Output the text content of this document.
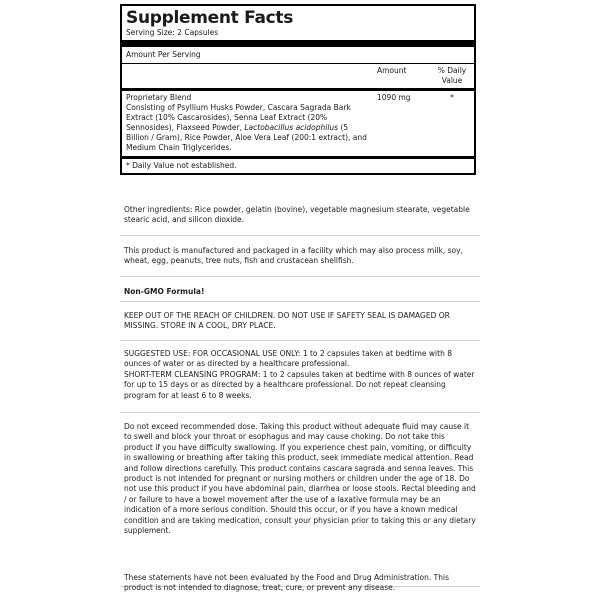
Supplement Facts
Serving Size: 2 Capsules
Amount Per Serving
Amount	% Daily Value
Proprietary Blend
Consisting of Psyllium Husks Powder, Cascara Sagrada Bark Extract (10% Cascarosides), Senna Leaf Extract (20% Sennosides), Flaxseed Powder, Lactobacillus acidophilus (5 Billion / Gram), Rice Powder, Aloe Vera Leaf (200:1 extract), and Medium Chain Triglycerides.
1090 mg	*
* Daily Value not established.
Other ingredients: Rice powder, gelatin (bovine), vegetable magnesium stearate, vegetable stearic acid, and silicon dioxide.
This product is manufactured and packaged in a facility which may also process milk, soy, wheat, egg, peanuts, tree nuts, fish and crustacean shellfish.
Non-GMO Formula!
KEEP OUT OF THE REACH OF CHILDREN. DO NOT USE IF SAFETY SEAL IS DAMAGED OR MISSING. STORE IN A COOL, DRY PLACE.
SUGGESTED USE: FOR OCCASIONAL USE ONLY: 1 to 2 capsules taken at bedtime with 8 ounces of water or as directed by a healthcare professional.
SHORT-TERM CLEANSING PROGRAM: 1 to 2 capsules taken at bedtime with 8 ounces of water for up to 15 days or as directed by a healthcare professional. Do not repeat cleansing program for at least 6 to 8 weeks.
Do not exceed recommended dose. Taking this product without adequate fluid may cause it to swell and block your throat or esophagus and may cause choking. Do not take this product if you have difficulty swallowing. If you experience chest pain, vomiting, or difficulty in swallowing or breathing after taking this product, seek immediate medical attention. Read and follow directions carefully. This product contains cascara sagrada and senna leaves. This product is not intended for pregnant or nursing mothers or children under the age of 18. Do not use this product if you have abdominal pain, diarrhea or loose stools. Rectal bleeding and / or failure to have a bowel movement after the use of a laxative formula may be an indication of a more serious condition. Should this occur, or if you have a known medical condition and are taking medication, consult your physician prior to taking this or any dietary supplement.
These statements have not been evaluated by the Food and Drug Administration. This product is not intended to diagnose, treat, cure, or prevent any disease.
